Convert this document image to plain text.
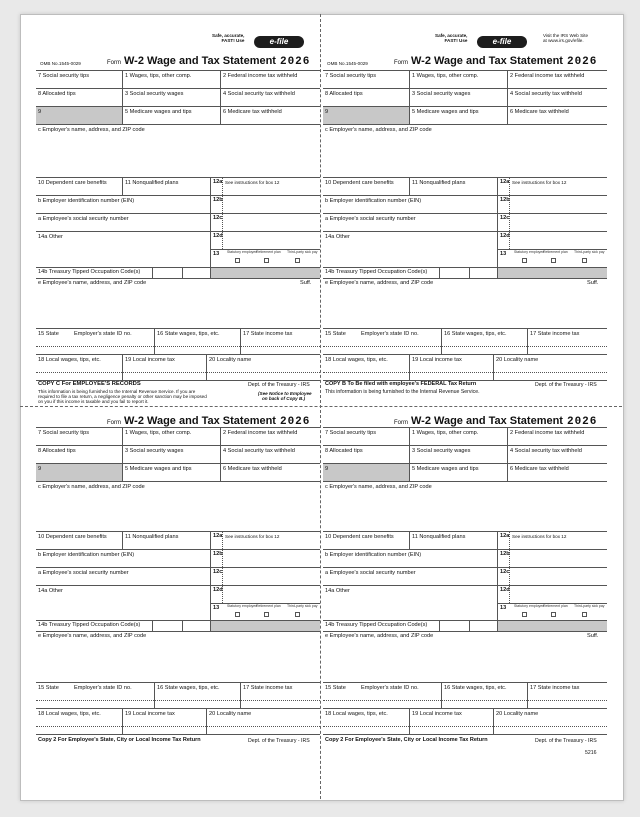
Safe, accurate,
FAST! Use	e-file
OMB No.1545-0029	Form W-2 Wage and Tax Statement 2026
7 Social security tips	1 Wages, tips, other comp.	2 Federal income tax withheld
8 Allocated tips	3 Social security wages	4 Social security tax withheld
9	5 Medicare wages and tips	6 Medicare tax withheld
c Employer's name, address, and ZIP code
10 Dependent care benefits	11 Nonqualified plans	12a See instructions for box 12
b Employer identification number (EIN)	12b
a Employee's social security number	12c
14a Other	12d
13	Statutory employee
Retirement plan Third-party sick pay
14b Treasury Tipped Occupation Code(s)
e Employee's name, address, and ZIP code	Suff.
15 State	Employer's state ID no.	16 State wages, tips, etc.	17 State income tax
18 Local wages, tips, etc.	19 Local income tax	20 Locality name
COPY C For EMPLOYEE'S RECORDS	Dept. of the Treasury - IRS
This information is being furnished to the Internal Revenue Service. If you are
required to file a tax return, a negligence penalty or other sanction may be imposed
on you if this income is taxable and you fail to report it.
(See Notice to Employee
on back of Copy B.)
Safe, accurate,
FAST! Use	e-file
Visit the IRS Web Site
at www.irs.gov/efile.
OMB No.1545-0029	Form W-2 Wage and Tax Statement 2026
7 Social security tips	1 Wages, tips, other comp.	2 Federal income tax withheld
8 Allocated tips	3 Social security wages	4 Social security tax withheld
9	5 Medicare wages and tips	6 Medicare tax withheld
c Employer's name, address, and ZIP code
10 Dependent care benefits	11 Nonqualified plans	12a See instructions for box 12
b Employer identification number (EIN)	12b
a Employee's social security number	12c
14a Other	12d
13	Statutory employee
Retirement plan Third-party sick pay
14b Treasury Tipped Occupation Code(s)
e Employee's name, address, and ZIP code	Suff.
15 State	Employer's state ID no.	16 State wages, tips, etc.	17 State income tax
18 Local wages, tips, etc.	19 Local income tax	20 Locality name
COPY B To Be filed with employee's FEDERAL Tax Return	Dept. of the Treasury - IRS
This information is being furnished to the Internal Revenue Service.
Form W-2 Wage and Tax Statement 2026
7 Social security tips	1 Wages, tips, other comp.	2 Federal income tax withheld
8 Allocated tips	3 Social security wages	4 Social security tax withheld
9	5 Medicare wages and tips	6 Medicare tax withheld
c Employer's name, address, and ZIP code
10 Dependent care benefits	11 Nonqualified plans	12a See instructions for box 12
b Employer identification number (EIN)	12b
a Employee's social security number	12c
14a Other	12d
13	Statutory employee
Retirement plan Third-party sick pay
14b Treasury Tipped Occupation Code(s)
e Employee's name, address, and ZIP code
15 State	Employer's state ID no.	16 State wages, tips, etc.	17 State income tax
18 Local wages, tips, etc.	19 Local income tax	20 Locality name
Copy 2 For Employee's State, City or Local Income Tax Return	Dept. of the Treasury - IRS
Form W-2 Wage and Tax Statement 2026
7 Social security tips	1 Wages, tips, other comp.	2 Federal income tax withheld
8 Allocated tips	3 Social security wages	4 Social security tax withheld
9	5 Medicare wages and tips	6 Medicare tax withheld
c Employer's name, address, and ZIP code
10 Dependent care benefits	11 Nonqualified plans	12a See instructions for box 12
b Employer identification number (EIN)	12b
a Employee's social security number	12c
14a Other	12d
13	Statutory employee
Retirement plan Third-party sick pay
14b Treasury Tipped Occupation Code(s)
e Employee's name, address, and ZIP code	Suff.
15 State	Employer's state ID no.	16 State wages, tips, etc.	17 State income tax
18 Local wages, tips, etc.	19 Local income tax	20 Locality name
Copy 2 For Employee's State, City or Local Income Tax Return	Dept. of the Treasury - IRS
5216
